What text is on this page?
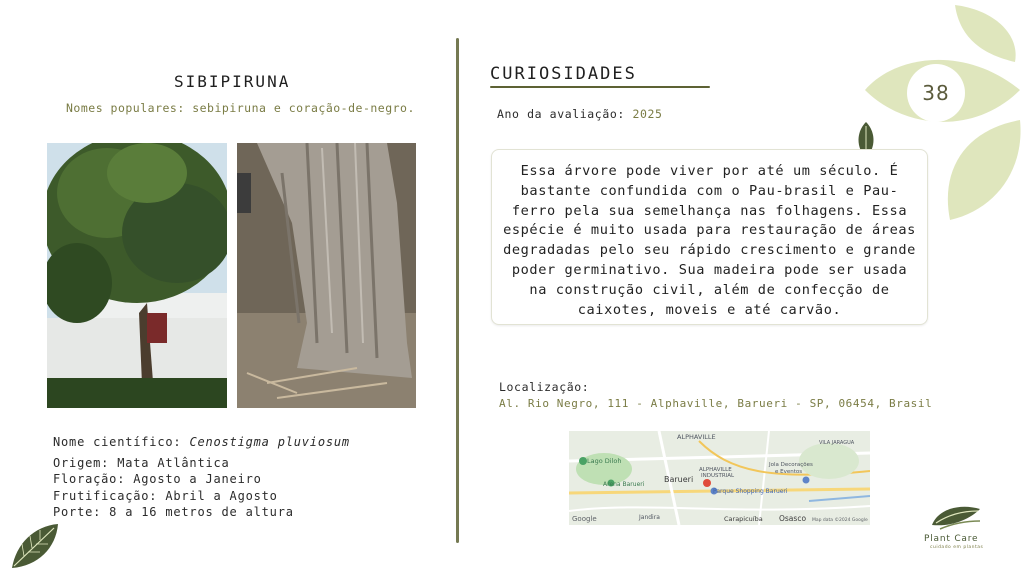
38
SIBIPIRUNA
Nomes populares: sebipiruna e coração-de-negro.
Nome científico: Cenostigma pluviosum
Origem: Mata Atlântica
Floração: Agosto a Janeiro
Frutificação: Abril a Agosto
Porte: 8 a 16 metros de altura
CURIOSIDADES
Ano da avaliação: 2025
Essa árvore pode viver por até um século. É bastante confundida com o Pau-brasil e Pau-ferro pela sua semelhança nas folhagens. Essa espécie é muito usada para restauração de áreas degradadas pelo seu rápido crescimento e grande poder germinativo. Sua madeira pode ser usada na construção civil, além de confecção de caixotes, moveis e até carvão.
Localização:
Al. Rio Negro, 111 - Alphaville, Barueri - SP, 06454, Brasil
ALPHAVILLE
VILA JARAGUA
Lago Diloh
Barueri
ALPHAVILLE
INDUSTRIAL
Jola Decorações
e Eventos
Arena Barueri
Parque Shopping Barueri
Jandira	Carapicuíba Osasco
Google	Map data ©2024 Google
Plant Care
cuidado em plantas
